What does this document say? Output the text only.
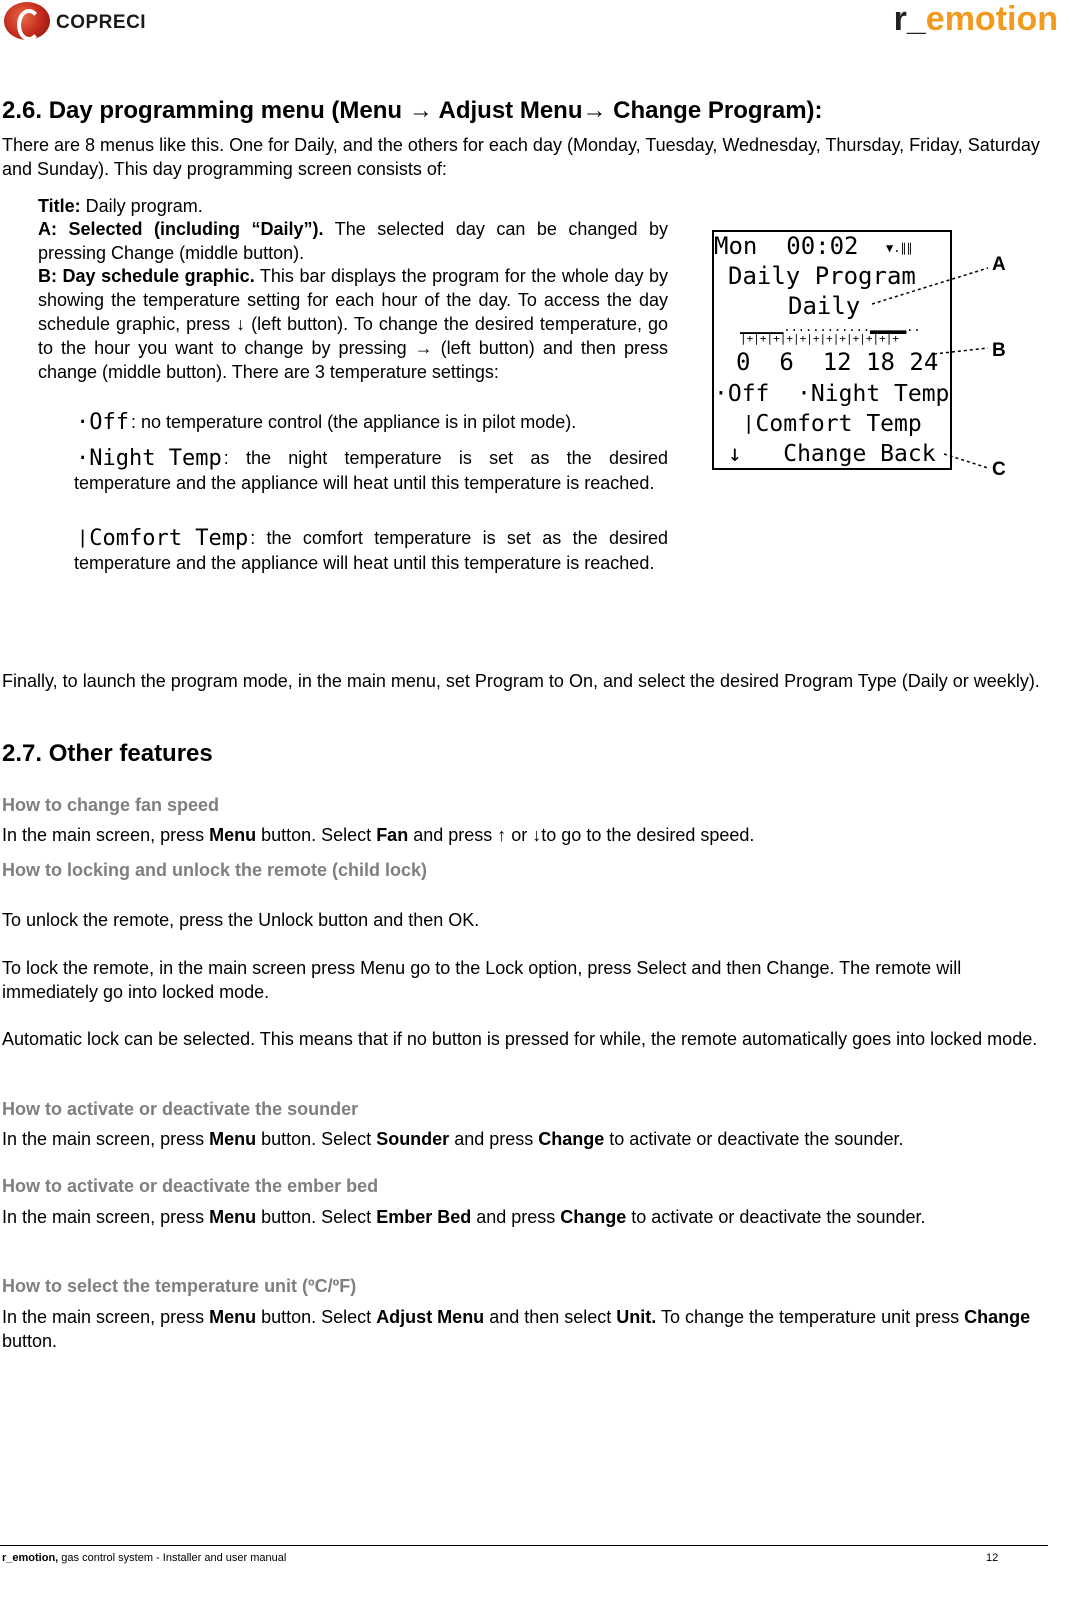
COPRECI	r_emotion
2.6. Day programming menu (Menu → Adjust Menu→ Change Program):

There are 8 menus like this. One for Daily, and the others for each day (Monday, Tuesday, Wednesday, Thursday, Friday, Saturday and Sunday). This day programming screen consists of:

Title: Daily program.
A: Selected (including “Daily”). The selected day can be changed by pressing Change (middle button).
B: Day schedule graphic. This bar displays the program for the whole day by showing the temperature setting for each hour of the day. To access the day schedule graphic, press ↓ (left button). To change the desired temperature, go to the hour you want to change by pressing → (left button) and then press change (middle button). There are 3 temperature settings:
·Off : no temperature control (the appliance is in pilot mode).
·Night Temp : the night temperature is set as the desired temperature and the appliance will heat until this temperature is reached.
❘Comfort Temp : the comfort temperature is set as the desired temperature and the appliance will heat until this temperature is reached.
Mon  00:02 ▼.∥∥
Daily Program
Daily
▁▁▁▁▁▁............▂▂▂▂▂..
|+|+|+|+|+|+|+|+|+|+|+|+
0  6  12 18 24
·Off  ·Night Temp
❘Comfort Temp
↓   Change Back
A
B
C

Finally, to launch the program mode, in the main menu, set Program to On, and select the desired Program Type (Daily or weekly).

2.7. Other features
How to change fan speed

In the main screen, press Menu button. Select Fan and press ↑ or ↓to go to the desired speed.

How to locking and unlock the remote (child lock)

To unlock the remote, press the Unlock button and then OK.

To lock the remote, in the main screen press Menu go to the Lock option, press Select and then Change. The remote will immediately go into locked mode.

Automatic lock can be selected. This means that if no button is pressed for while, the remote automatically goes into locked mode.

How to activate or deactivate the sounder

In the main screen, press Menu button. Select Sounder and press Change to activate or deactivate the sounder.

How to activate or deactivate the ember bed

In the main screen, press Menu button. Select Ember Bed and press Change to activate or deactivate the sounder.

How to select the temperature unit (ºC/ºF)

In the main screen, press Menu button. Select Adjust Menu and then select Unit. To change the temperature unit press Change button.

r_emotion, gas control system - Installer and user manual	12
